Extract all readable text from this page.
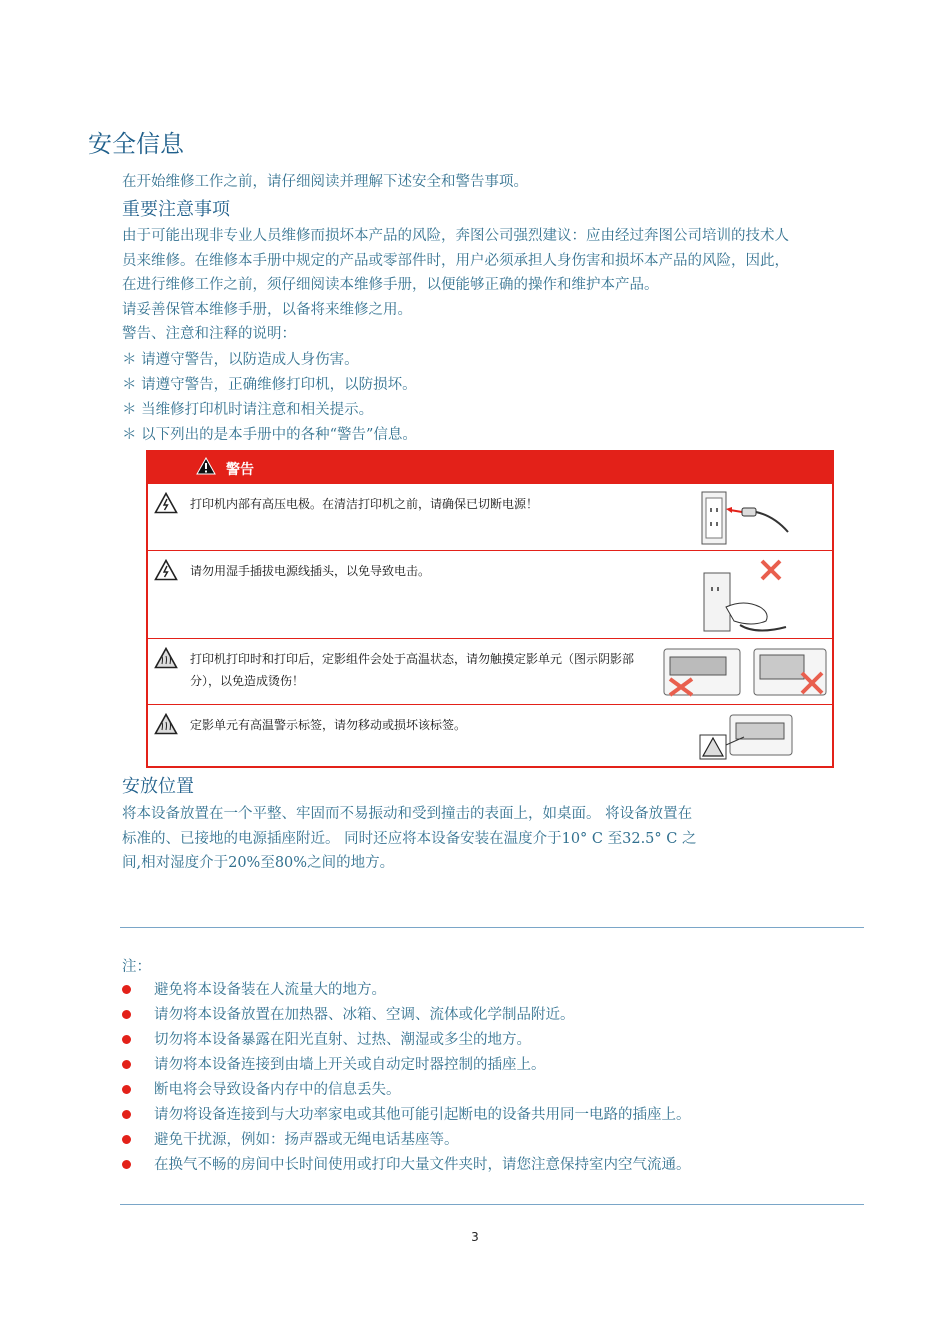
安全信息
在开始维修工作之前，请仔细阅读并理解下述安全和警告事项。
重要注意事项
由于可能出现非专业人员维修而损坏本产品的风险，奔图公司强烈建议：应由经过奔图公司培训的技术人
员来维修。在维修本手册中规定的产品或零部件时，用户必须承担人身伤害和损坏本产品的风险，因此，
在进行维修工作之前，须仔细阅读本维修手册，以便能够正确的操作和维护本产品。
请妥善保管本维修手册，以备将来维修之用。
警告、注意和注释的说明：
＊ 请遵守警告，以防造成人身伤害。
＊ 请遵守警告，正确维修打印机，以防损坏。
＊ 当维修打印机时请注意和相关提示。
＊ 以下列出的是本手册中的各种“警告”信息。
警告
打印机内部有高压电极。在清洁打印机之前，请确保已切断电源！
请勿用湿手插拔电源线插头，以免导致电击。
打印机打印时和打印后，定影组件会处于高温状态，请勿触摸定影单元（图示阴影部
分），以免造成烫伤！
定影单元有高温警示标签，请勿移动或损坏该标签。
安放位置
将本设备放置在一个平整、牢固而不易振动和受到撞击的表面上，如桌面。 将设备放置在
标准的、已接地的电源插座附近。 同时还应将本设备安装在温度介于10° C 至32.5° C 之
间,相对湿度介于20%至80%之间的地方。
注：
避免将本设备装在人流量大的地方。
请勿将本设备放置在加热器、冰箱、空调、流体或化学制品附近。
切勿将本设备暴露在阳光直射、过热、潮湿或多尘的地方。
请勿将本设备连接到由墙上开关或自动定时器控制的插座上。
断电将会导致设备内存中的信息丢失。
请勿将设备连接到与大功率家电或其他可能引起断电的设备共用同一电路的插座上。
避免干扰源，例如：扬声器或无绳电话基座等。
在换气不畅的房间中长时间使用或打印大量文件夹时，请您注意保持室内空气流通。
3
